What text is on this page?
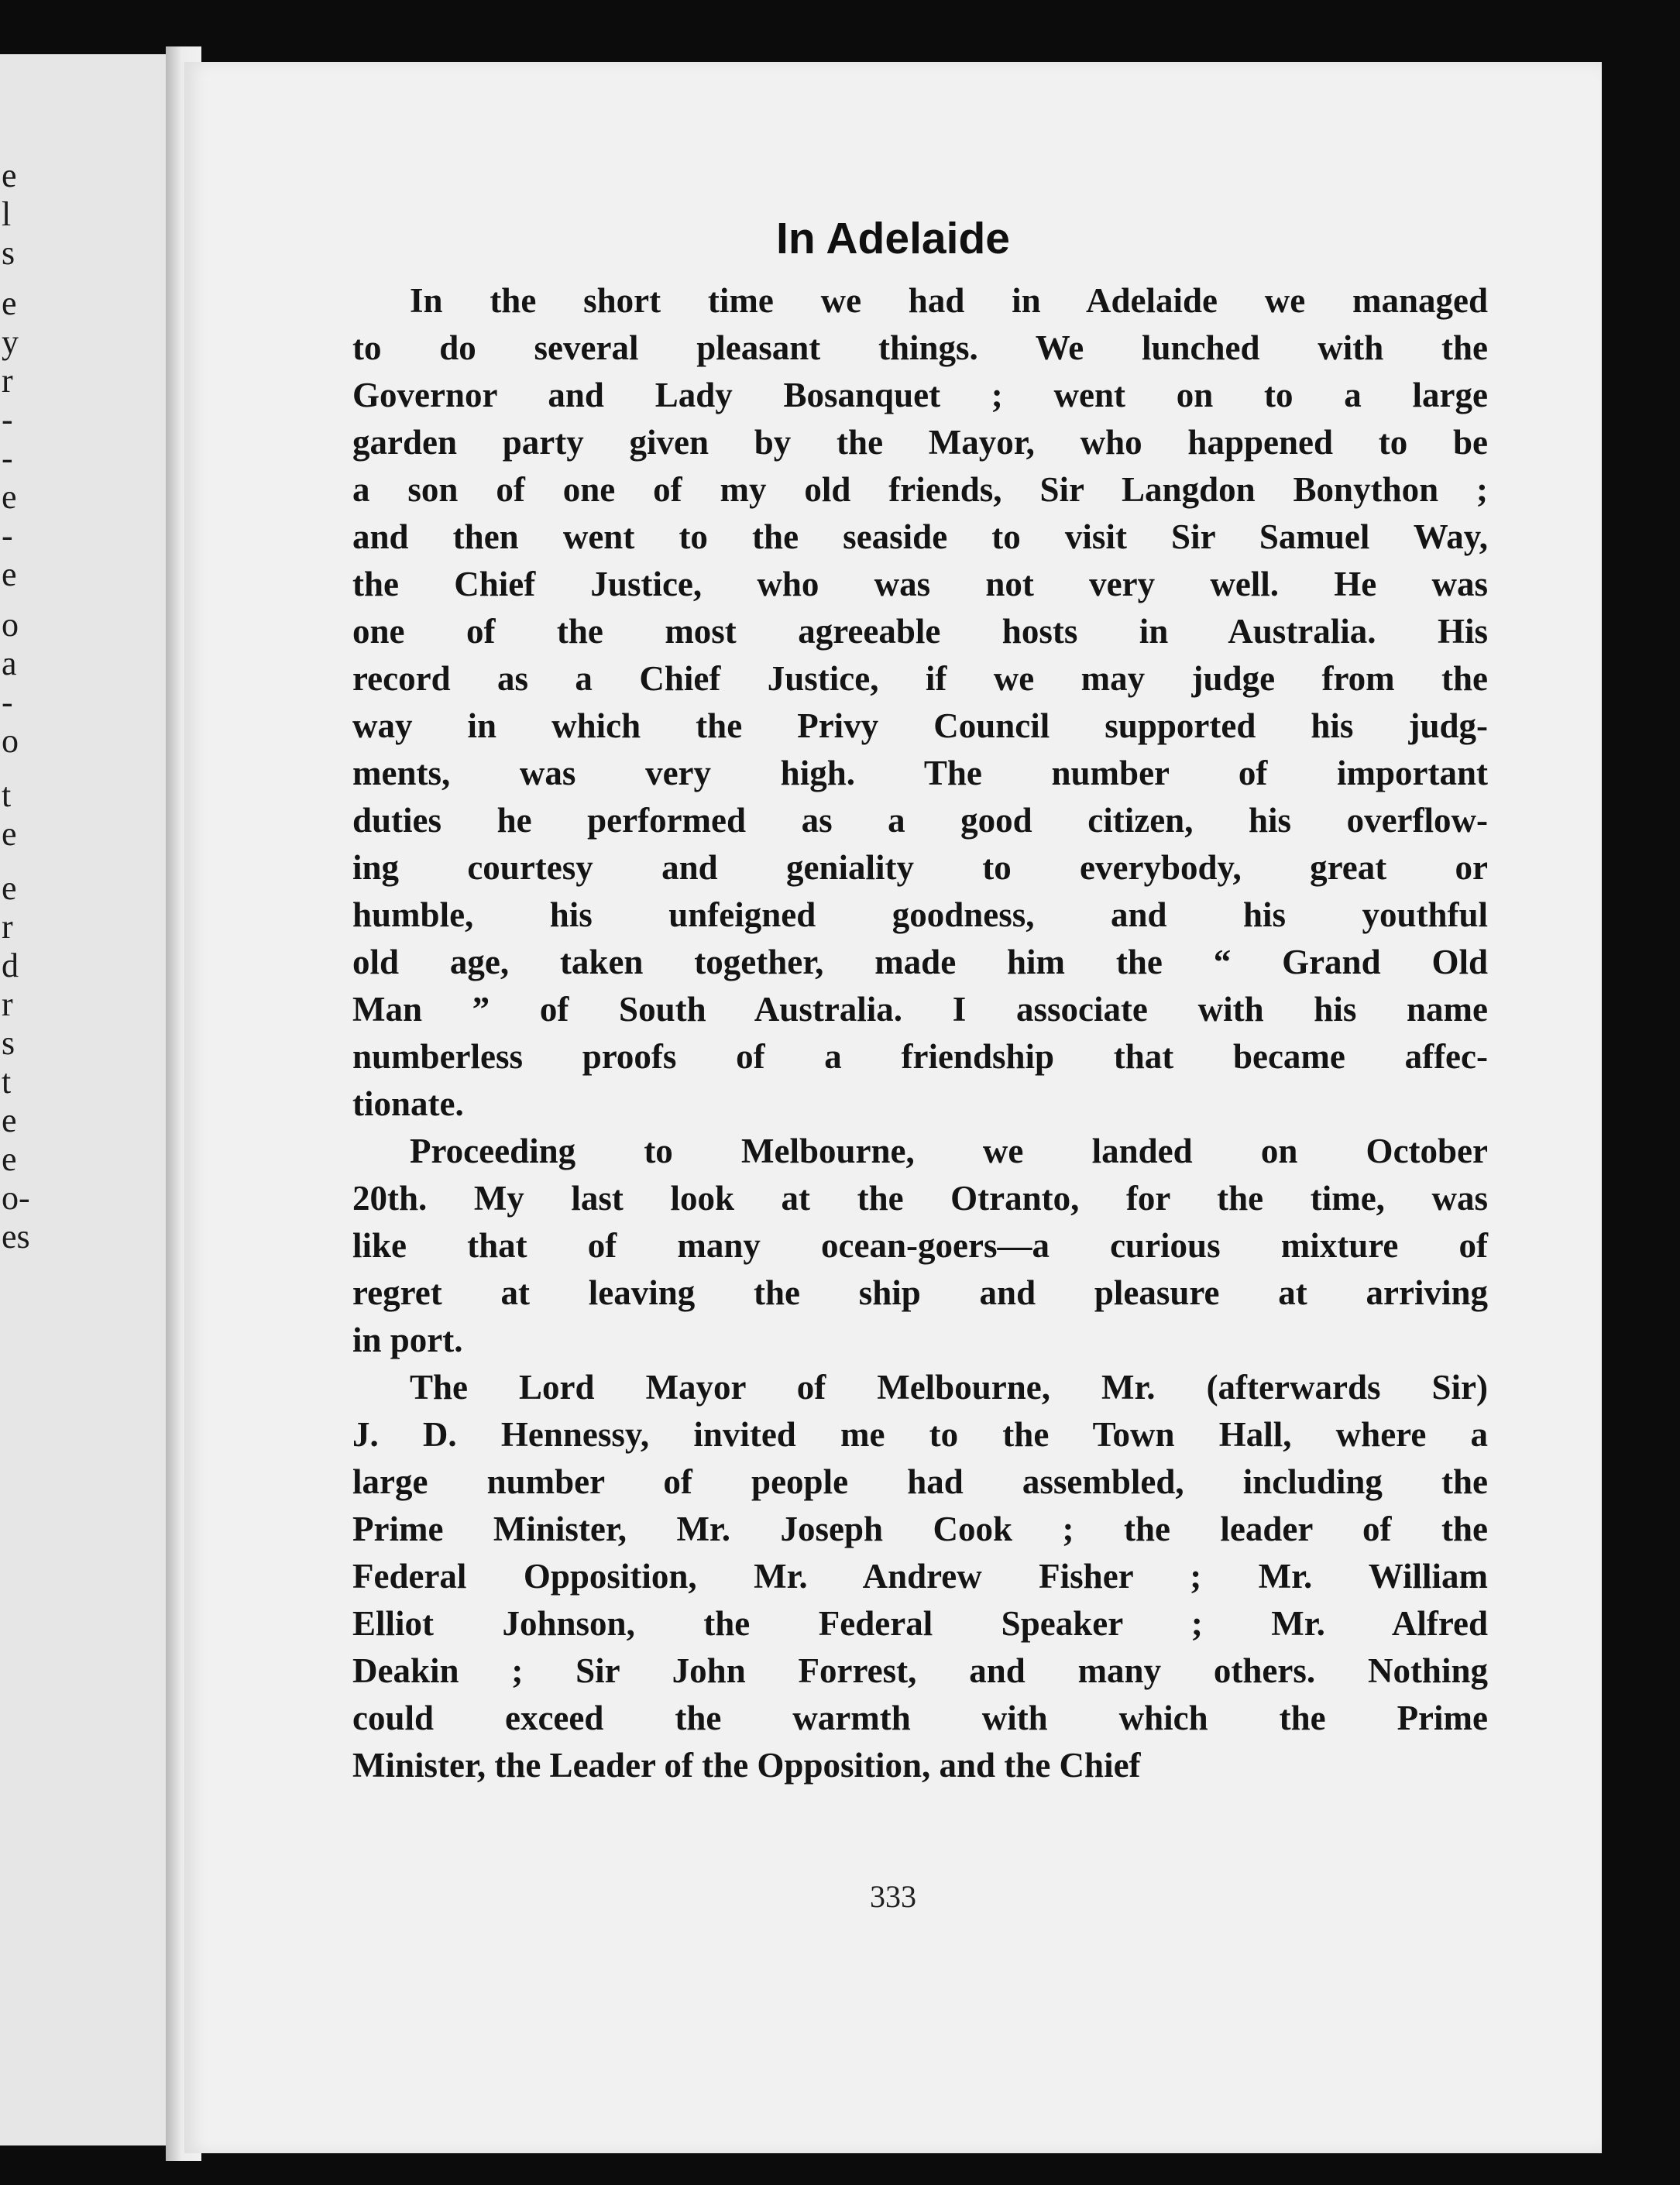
e
l
s
e
y
r
-
-
e
-
e
o
a
-
o
t
e
e
r
d
r
s
t
e
e
o-
es
In Adelaide
In the short time we had in Adelaide we managed
to do several pleasant things. We lunched with the
Governor and Lady Bosanquet ; went on to a large
garden party given by the Mayor, who happened to be
a son of one of my old friends, Sir Langdon Bonython ;
and then went to the seaside to visit Sir Samuel Way,
the Chief Justice, who was not very well. He was
one of the most agreeable hosts in Australia. His
record as a Chief Justice, if we may judge from the
way in which the Privy Council supported his judg-
ments, was very high. The number of important
duties he performed as a good citizen, his overflow-
ing courtesy and geniality to everybody, great or
humble, his unfeigned goodness, and his youthful
old age, taken together, made him the “ Grand Old
Man ” of South Australia. I associate with his name
numberless proofs of a friendship that became affec-
tionate.
Proceeding to Melbourne, we landed on October
20th. My last look at the Otranto, for the time, was
like that of many ocean-goers—a curious mixture of
regret at leaving the ship and pleasure at arriving
in port.
The Lord Mayor of Melbourne, Mr. (afterwards Sir)
J. D. Hennessy, invited me to the Town Hall, where a
large number of people had assembled, including the
Prime Minister, Mr. Joseph Cook ; the leader of the
Federal Opposition, Mr. Andrew Fisher ; Mr. William
Elliot Johnson, the Federal Speaker ; Mr. Alfred
Deakin ; Sir John Forrest, and many others. Nothing
could exceed the warmth with which the Prime
Minister, the Leader of the Opposition, and the Chief
333
